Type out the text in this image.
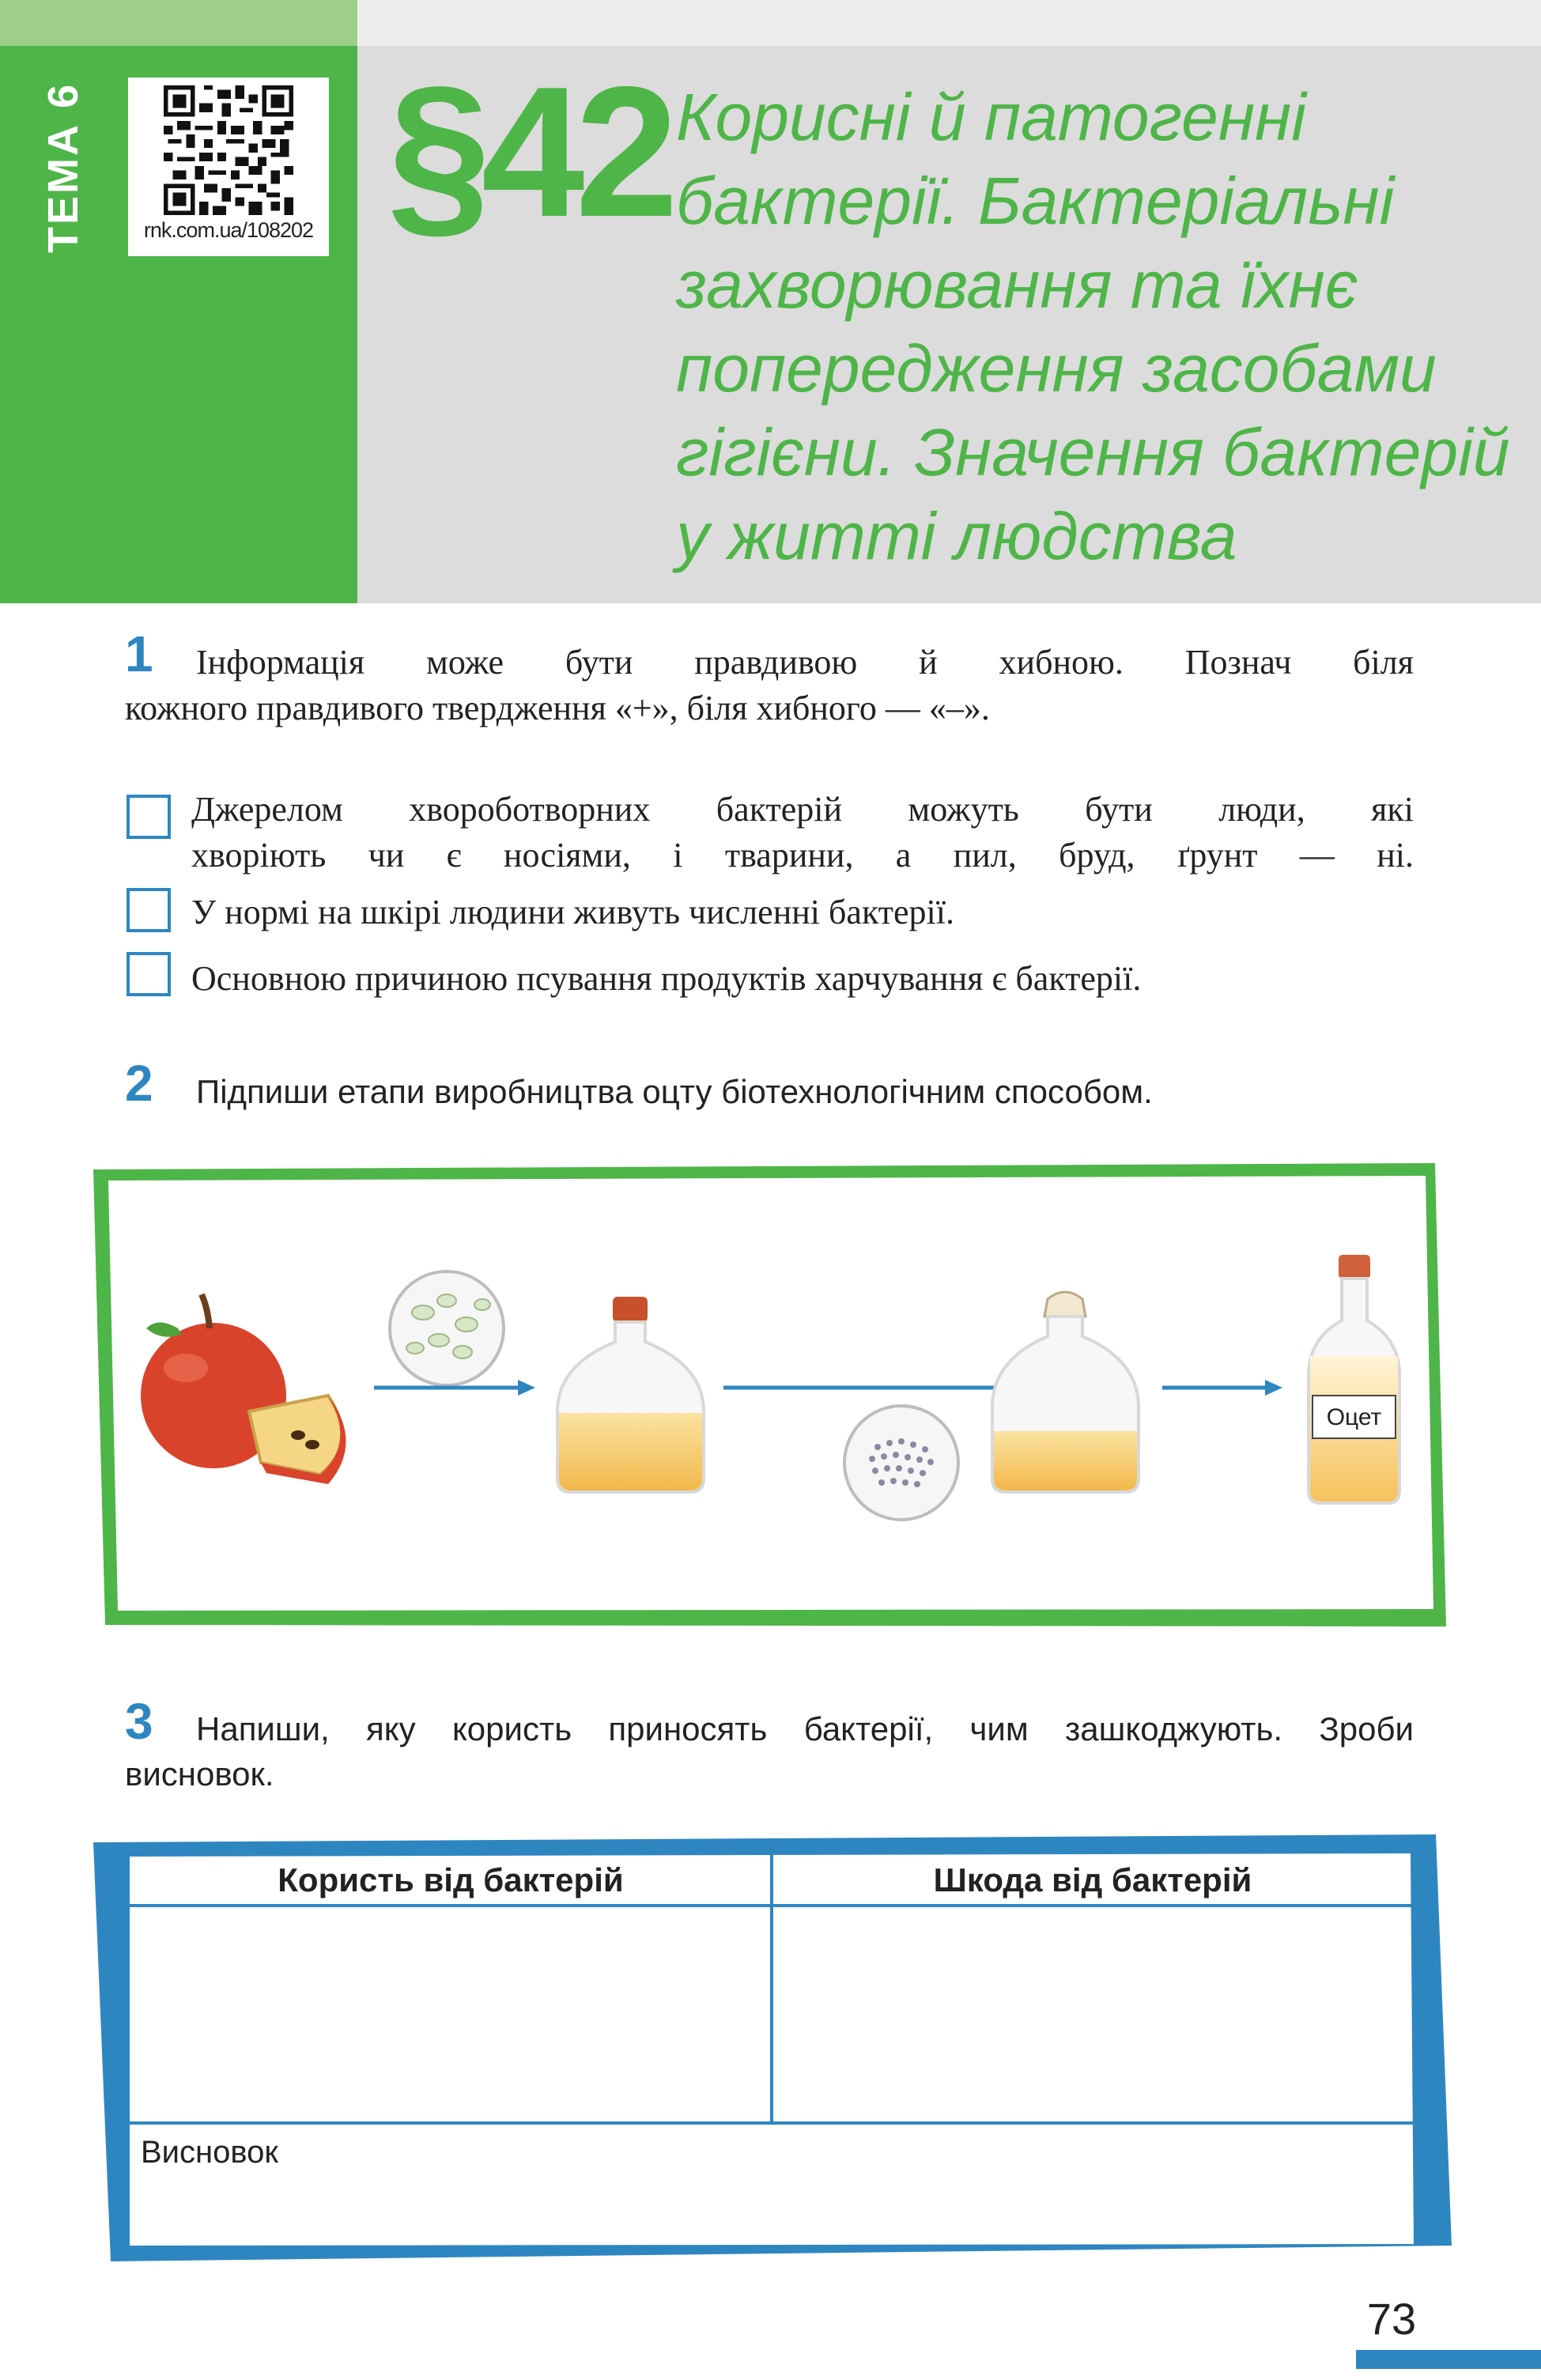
ТЕМА 6	rnk.com.ua/108202 §42 Корисні й патогенні
бактерії. Бактеріальні
захворювання та їхнє
попередження засобами
гігієни. Значення бактерій
у житті людства
1 Інформація може бути правдивою й хибною. Познач біля
кожного правдивого твердження «+», біля хибного — «–».
Джерелом хвороботворних бактерій можуть бути люди, які
хворіють чи є носіями, і тварини, а пил, бруд, ґрунт — ні.
У нормі на шкірі людини живуть численні бактерії.
Основною причиною псування продуктів харчування є бактерії.
2 Підпиши етапи виробництва оцту біотехнологічним способом.
Оцет
3 Напиши, яку користь приносять бактерії, чим зашкоджують. Зроби
висновок.
Користь від бактерій	Шкода від бактерій
Висновок
73
